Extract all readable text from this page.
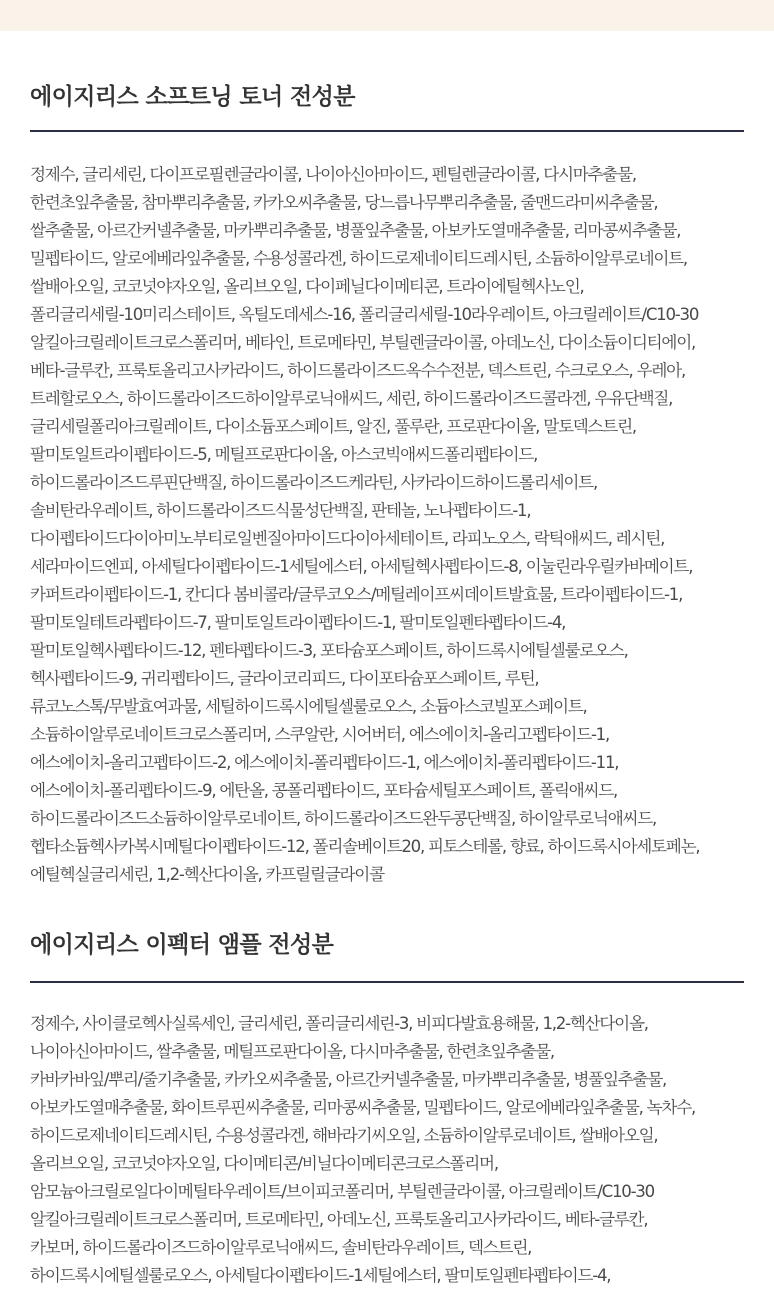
에이지리스 소프트닝 토너 전성분

정제수, 글리세린, 다이프로필렌글라이콜, 나이아신아마이드, 펜틸렌글라이콜, 다시마추출물,
한련초잎추출물, 참마뿌리추출물, 카카오씨추출물, 당느릅나무뿌리추출물, 줄맨드라미씨추출물,
쌀추출물, 아르간커넬추출물, 마카뿌리추출물, 병풀잎추출물, 아보카도열매추출물, 리마콩씨추출물,
밀펩타이드, 알로에베라잎추출물, 수용성콜라겐, 하이드로제네이티드레시틴, 소듐하이알루로네이트,
쌀배아오일, 코코넛야자오일, 올리브오일, 다이페닐다이메티콘, 트라이에틸헥사노인,
폴리글리세릴-10미리스테이트, 옥틸도데세스-16, 폴리글리세릴-10라우레이트, 아크릴레이트/C10-30
알킬아크릴레이트크로스폴리머, 베타인, 트로메타민, 부틸렌글라이콜, 아데노신, 다이소듐이디티에이,
베타-글루칸, 프룩토올리고사카라이드, 하이드롤라이즈드옥수수전분, 덱스트린, 수크로오스, 우레아,
트레할로오스, 하이드롤라이즈드하이알루로닉애씨드, 세린, 하이드롤라이즈드콜라겐, 우유단백질,
글리세릴폴리아크릴레이트, 다이소듐포스페이트, 알진, 풀루란, 프로판다이올, 말토덱스트린,
팔미토일트라이펩타이드-5, 메틸프로판다이올, 아스코빅애씨드폴리펩타이드,
하이드롤라이즈드루핀단백질, 하이드롤라이즈드케라틴, 사카라이드하이드롤리세이트,
솔비탄라우레이트, 하이드롤라이즈드식물성단백질, 판테놀, 노나펩타이드-1,
다이펩타이드다이아미노부티로일벤질아마이드다이아세테이트, 라피노오스, 락틱애씨드, 레시틴,
세라마이드엔피, 아세틸다이펩타이드-1세틸에스터, 아세틸헥사펩타이드-8, 이눌린라우릴카바메이트,
카퍼트라이펩타이드-1, 칸디다 봄비콜라/글루코오스/메틸레이프씨데이트발효물, 트라이펩타이드-1,
팔미토일테트라펩타이드-7, 팔미토일트라이펩타이드-1, 팔미토일펜타펩타이드-4,
팔미토일헥사펩타이드-12, 펜타펩타이드-3, 포타슘포스페이트, 하이드록시에틸셀룰로오스,
헥사펩타이드-9, 귀리펩타이드, 글라이코리피드, 다이포타슘포스페이트, 루틴,
류코노스톡/무발효여과물, 세틸하이드록시에틸셀룰로오스, 소듐아스코빌포스페이트,
소듐하이알루로네이트크로스폴리머, 스쿠알란, 시어버터, 에스에이치-올리고펩타이드-1,
에스에이치-올리고펩타이드-2, 에스에이치-폴리펩타이드-1, 에스에이치-폴리펩타이드-11,
에스에이치-폴리펩타이드-9, 에탄올, 콩폴리펩타이드, 포타슘세틸포스페이트, 폴릭애씨드,
하이드롤라이즈드소듐하이알루로네이트, 하이드롤라이즈드완두콩단백질, 하이알루로닉애씨드,
헵타소듐헥사카복시메틸다이펩타이드-12, 폴리솔베이트20, 피토스테롤, 향료, 하이드록시아세토페논,
에틸헥실글리세린, 1,2-헥산다이올, 카프릴릴글라이콜

에이지리스 이펙터 앰플 전성분

정제수, 사이클로헥사실록세인, 글리세린, 폴리글리세린-3, 비피다발효용해물, 1,2-헥산다이올,
나이아신아마이드, 쌀추출물, 메틸프로판다이올, 다시마추출물, 한련초잎추출물,
카바카바잎/뿌리/줄기추출물, 카카오씨추출물, 아르간커넬추출물, 마카뿌리추출물, 병풀잎추출물,
아보카도열매추출물, 화이트루핀씨추출물, 리마콩씨추출물, 밀펩타이드, 알로에베라잎추출물, 녹차수,
하이드로제네이티드레시틴, 수용성콜라겐, 해바라기씨오일, 소듐하이알루로네이트, 쌀배아오일,
올리브오일, 코코넛야자오일, 다이메티콘/비닐다이메티콘크로스폴리머,
암모늄아크릴로일다이메틸타우레이트/브이피코폴리머, 부틸렌글라이콜, 아크릴레이트/C10-30
알킬아크릴레이트크로스폴리머, 트로메타민, 아데노신, 프룩토올리고사카라이드, 베타-글루칸,
카보머, 하이드롤라이즈드하이알루로닉애씨드, 솔비탄라우레이트, 덱스트린,
하이드록시에틸셀룰로오스, 아세틸다이펩타이드-1세틸에스터, 팔미토일펜타펩타이드-4,
